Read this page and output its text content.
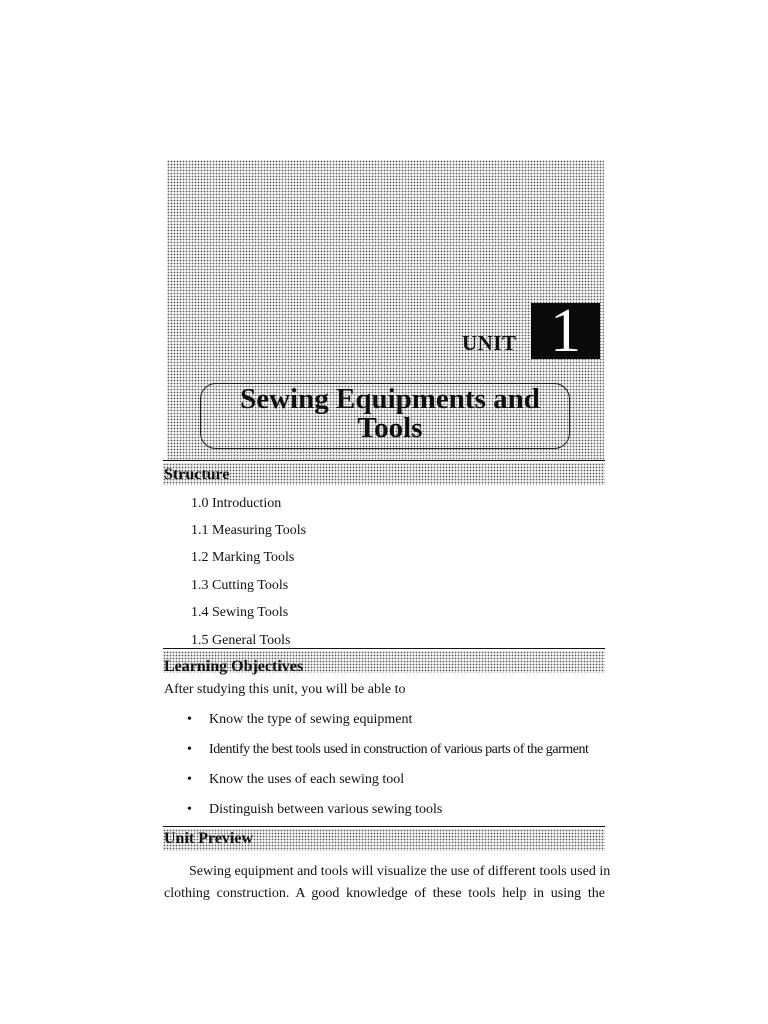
UNIT 1
Sewing Equipments and
Tools
Structure
1.0 Introduction
1.1 Measuring Tools
1.2 Marking Tools
1.3 Cutting Tools
1.4 Sewing Tools
1.5 General Tools
Learning Objectives
After studying this unit, you will be able to
• Know the type of sewing equipment
• Identify the best tools used in construction of various parts of the garment
• Know the uses of each sewing tool
• Distinguish between various sewing tools
Unit Preview
Sewing equipment and tools will visualize the use of different tools used in
clothing construction. A good knowledge of these tools help in using the
